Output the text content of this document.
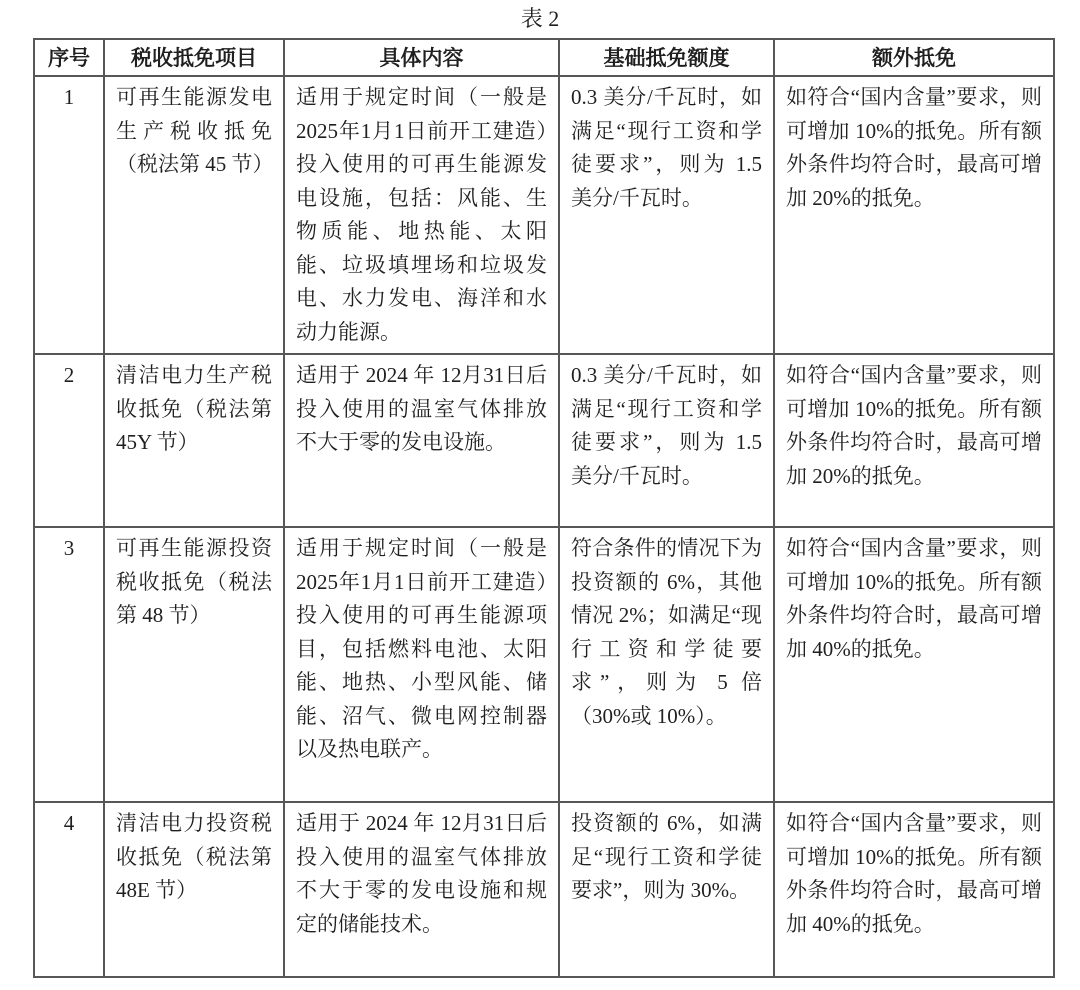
表 2
序号	税收抵免项目	具体内容	基础抵免额度	额外抵免
1	可再生能源发电生产税收抵免（税法第 45 节）	适用于规定时间（一般是2025年1月1日前开工建造）投入使用的可再生能源发电设施，包括：风能、生物质能、地热能、太阳能、垃圾填埋场和垃圾发电、水力发电、海洋和水动力能源。	0.3 美分/千瓦时，如满足“现行工资和学徒要求”，则为 1.5 美分/千瓦时。	如符合“国内含量”要求，则可增加 10%的抵免。所有额外条件均符合时，最高可增加 20%的抵免。
2	清洁电力生产税收抵免（税法第45Y 节）	适用于 2024 年 12月31日后投入使用的温室气体排放不大于零的发电设施。	0.3 美分/千瓦时，如满足“现行工资和学徒要求”，则为 1.5 美分/千瓦时。	如符合“国内含量”要求，则可增加 10%的抵免。所有额外条件均符合时，最高可增加 20%的抵免。
3	可再生能源投资税收抵免（税法第 48 节）	适用于规定时间（一般是2025年1月1日前开工建造）投入使用的可再生能源项目，包括燃料电池、太阳能、地热、小型风能、储能、沼气、微电网控制器以及热电联产。	符合条件的情况下为投资额的 6%，其他情况 2%；如满足“现行工资和学徒要求”，则为 5 倍（30%或 10%）。	如符合“国内含量”要求，则可增加 10%的抵免。所有额外条件均符合时，最高可增加 40%的抵免。
4	清洁电力投资税收抵免（税法第48E 节）	适用于 2024 年 12月31日后投入使用的温室气体排放不大于零的发电设施和规定的储能技术。	投资额的 6%，如满足“现行工资和学徒要求”，则为 30%。	如符合“国内含量”要求，则可增加 10%的抵免。所有额外条件均符合时，最高可增加 40%的抵免。
